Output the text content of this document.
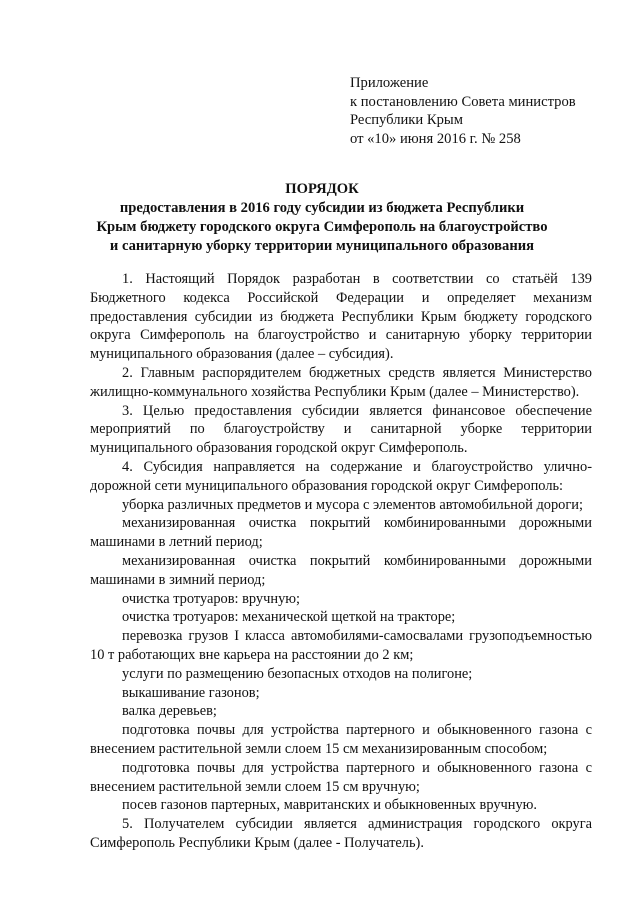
Приложение
к постановлению Совета министров
Республики Крым
от «10» июня 2016 г. № 258
ПОРЯДОК
предоставления в 2016 году субсидии из бюджета Республики
Крым бюджету городского округа Симферополь на благоустройство
и санитарную уборку территории муниципального образования

1. Настоящий Порядок разработан в соответствии со статьёй 139 Бюджетного кодекса Российской Федерации и определяет механизм предоставления субсидии из бюджета Республики Крым бюджету городского округа Симферополь на благоустройство и санитарную уборку территории муниципального образования (далее – субсидия).

2. Главным распорядителем бюджетных средств является Министерство жилищно-коммунального хозяйства Республики Крым (далее – Министерство).

3. Целью предоставления субсидии является финансовое обеспечение мероприятий по благоустройству и санитарной уборке территории муниципального образования городской округ Симферополь.

4. Субсидия направляется на содержание и благоустройство улично-дорожной сети муниципального образования городской округ Симферополь:

уборка различных предметов и мусора с элементов автомобильной дороги;

механизированная очистка покрытий комбинированными дорожными машинами в летний период;

механизированная очистка покрытий комбинированными дорожными машинами в зимний период;

очистка тротуаров: вручную;

очистка тротуаров: механической щеткой на тракторе;

перевозка грузов I класса автомобилями-самосвалами грузоподъемностью 10 т работающих вне карьера на расстоянии до 2 км;

услуги по размещению безопасных отходов на полигоне;

выкашивание газонов;

валка деревьев;

подготовка почвы для устройства партерного и обыкновенного газона с внесением растительной земли слоем 15 см механизированным способом;

подготовка почвы для устройства партерного и обыкновенного газона с внесением растительной земли слоем 15 см вручную;

посев газонов партерных, мавританских и обыкновенных вручную.

5. Получателем субсидии является администрация городского округа Симферополь Республики Крым (далее - Получатель).
